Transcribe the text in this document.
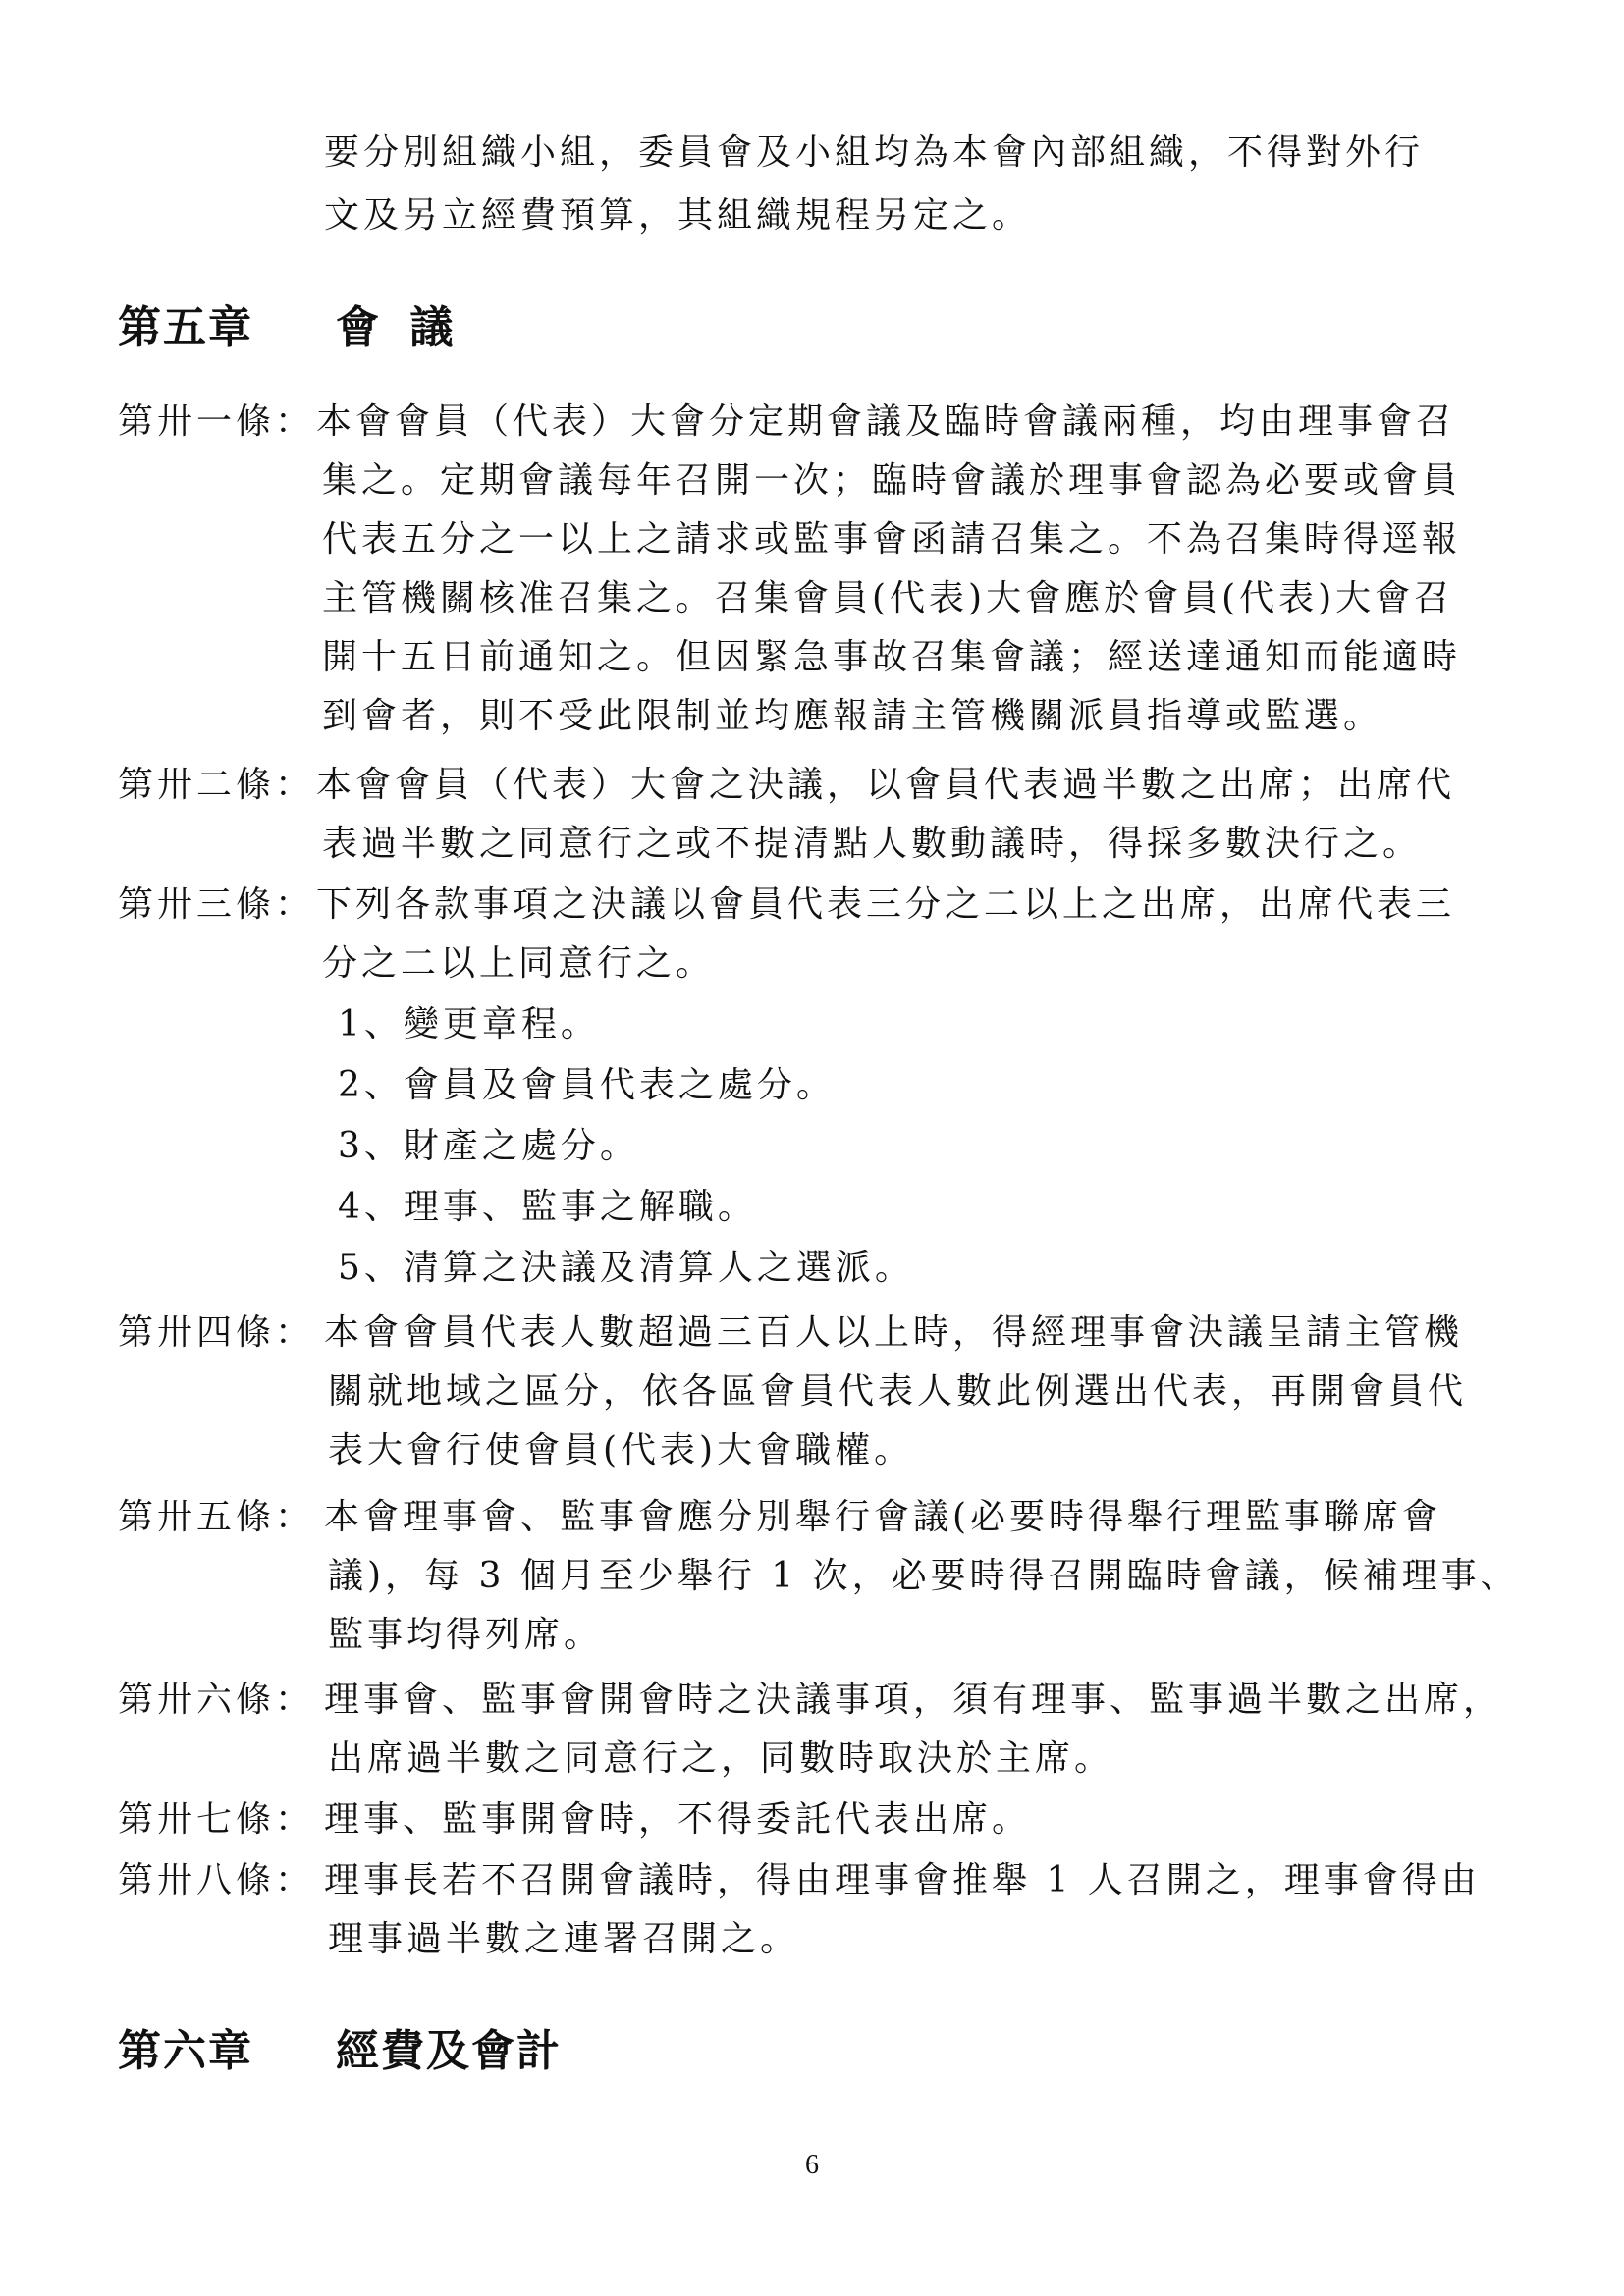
要分別組織小組，委員會及小組均為本會內部組織，不得對外行
文及另立經費預算，其組織規程另定之。
第五章 會 議
第卅一條： 本會會員（代表）大會分定期會議及臨時會議兩種，均由理事會召
集之。定期會議每年召開一次；臨時會議於理事會認為必要或會員
代表五分之一以上之請求或監事會函請召集之。不為召集時得逕報
主管機關核准召集之。召集會員(代表)大會應於會員(代表)大會召
開十五日前通知之。但因緊急事故召集會議；經送達通知而能適時
到會者，則不受此限制並均應報請主管機關派員指導或監選。
第卅二條： 本會會員（代表）大會之決議，以會員代表過半數之出席；出席代
表過半數之同意行之或不提清點人數動議時，得採多數決行之。
第卅三條： 下列各款事項之決議以會員代表三分之二以上之出席，出席代表三
分之二以上同意行之。
1、變更章程。
2、會員及會員代表之處分。
3、財產之處分。
4、理事、監事之解職。
5、清算之決議及清算人之選派。
第卅四條： 本會會員代表人數超過三百人以上時，得經理事會決議呈請主管機
關就地域之區分，依各區會員代表人數此例選出代表，再開會員代
表大會行使會員(代表)大會職權。
第卅五條： 本會理事會、監事會應分別舉行會議(必要時得舉行理監事聯席會
議)，每 3 個月至少舉行 1 次，必要時得召開臨時會議，候補理事、
監事均得列席。
第卅六條： 理事會、監事會開會時之決議事項，須有理事、監事過半數之出席，
出席過半數之同意行之，同數時取決於主席。
第卅七條： 理事、監事開會時，不得委託代表出席。
第卅八條： 理事長若不召開會議時，得由理事會推舉 1 人召開之，理事會得由
理事過半數之連署召開之。
第六章 經費及會計
6
